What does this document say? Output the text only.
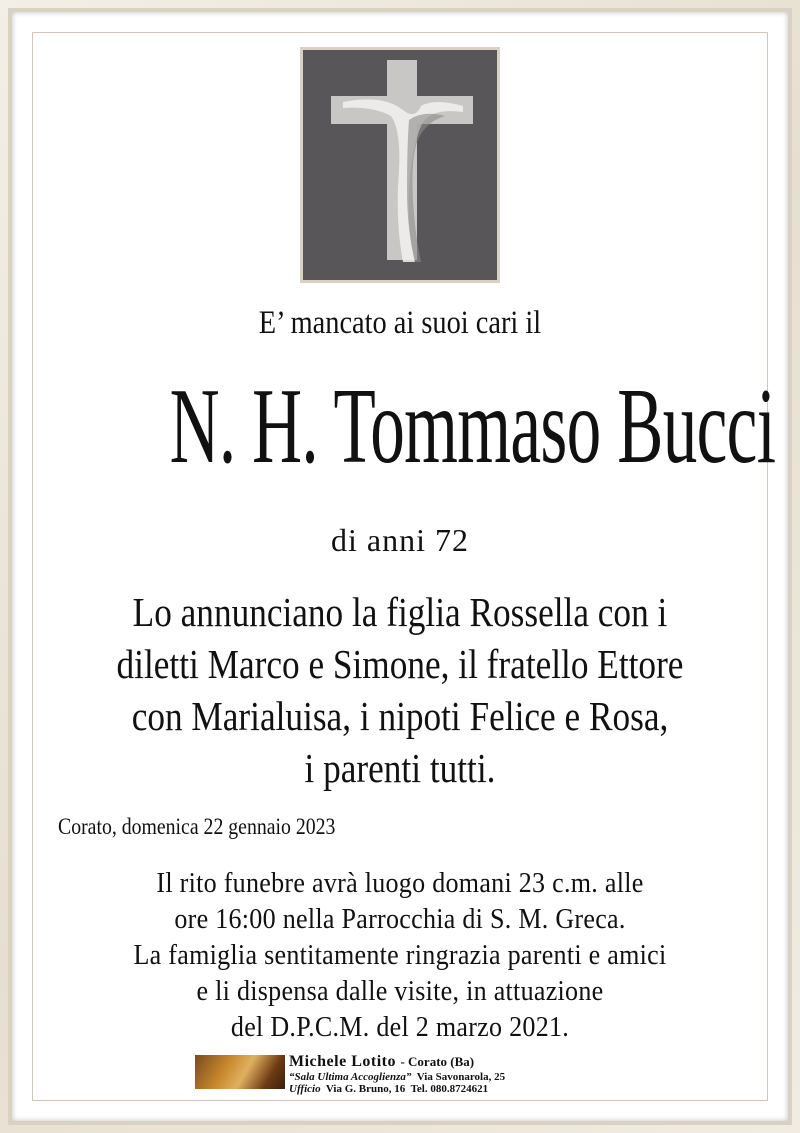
E’ mancato ai suoi cari il
N. H. Tommaso Bucci
di anni 72
Lo annunciano la figlia Rossella con i
diletti Marco e Simone, il fratello Ettore
con Marialuisa, i nipoti Felice e Rosa,
i parenti tutti.
Corato, domenica 22 gennaio 2023
Il rito funebre avrà luogo domani 23 c.m. alle
ore 16:00 nella Parrocchia di S. M. Greca.
La famiglia sentitamente ringrazia parenti e amici
e li dispensa dalle visite, in attuazione
del D.P.C.M. del 2 marzo 2021.
Michele Lotito - Corato (Ba)
“Sala Ultima Accoglienza” Via Savonarola, 25
Ufficio Via G. Bruno, 16 Tel. 080.8724621
